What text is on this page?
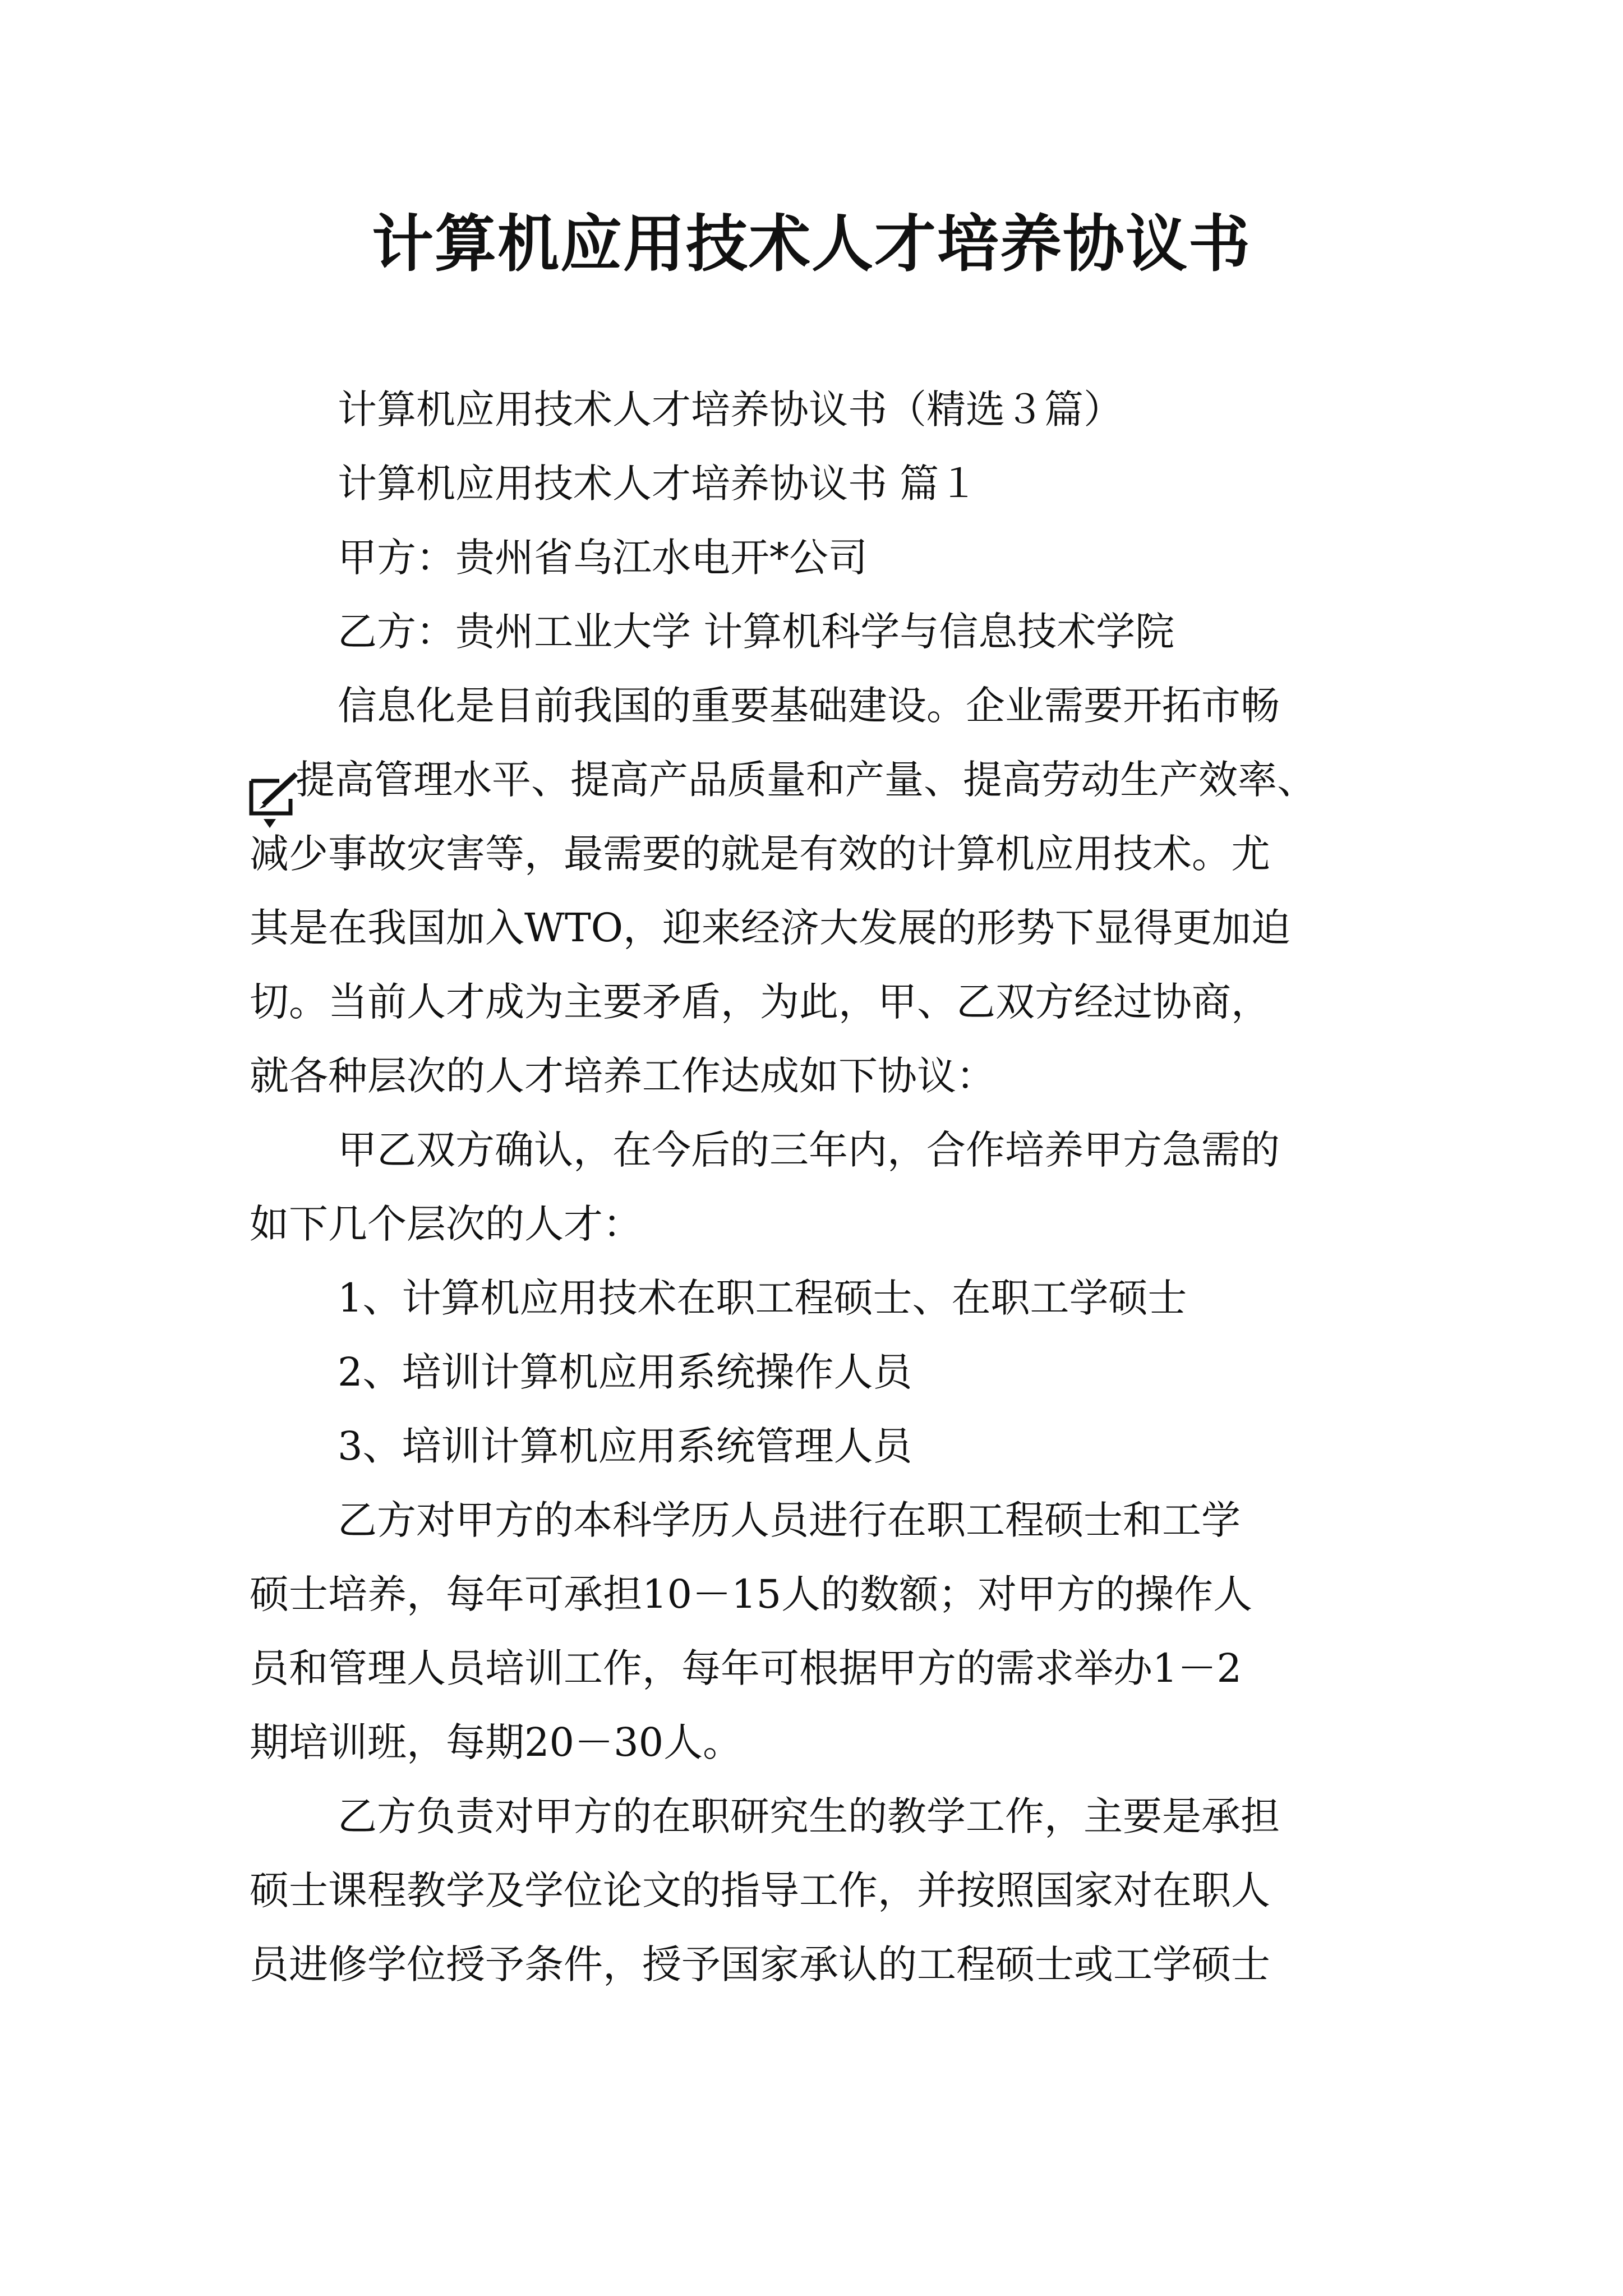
计算机应用技术人才培养协议书

计算机应用技术人才培养协议书（精选３篇）

计算机应用技术人才培养协议书 篇１

甲方：贵州省乌江水电开*公司

乙方：贵州工业大学 计算机科学与信息技术学院

信息化是目前我国的重要基础建设。企业需要开拓市畅

提高管理水平、提高产品质量和产量、提高劳动生产效率、

减少事故灾害等，最需要的就是有效的计算机应用技术。尤

其是在我国加入WTO，迎来经济大发展的形势下显得更加迫

切。当前人才成为主要矛盾，为此，甲、乙双方经过协商，

就各种层次的人才培养工作达成如下协议：

甲乙双方确认，在今后的三年内，合作培养甲方急需的

如下几个层次的人才：

1、计算机应用技术在职工程硕士、在职工学硕士

2、培训计算机应用系统操作人员

3、培训计算机应用系统管理人员

乙方对甲方的本科学历人员进行在职工程硕士和工学

硕士培养，每年可承担10－15人的数额；对甲方的操作人

员和管理人员培训工作，每年可根据甲方的需求举办1－2

期培训班，每期20－30人。

乙方负责对甲方的在职研究生的教学工作，主要是承担

硕士课程教学及学位论文的指导工作，并按照国家对在职人

员进修学位授予条件，授予国家承认的工程硕士或工学硕士
